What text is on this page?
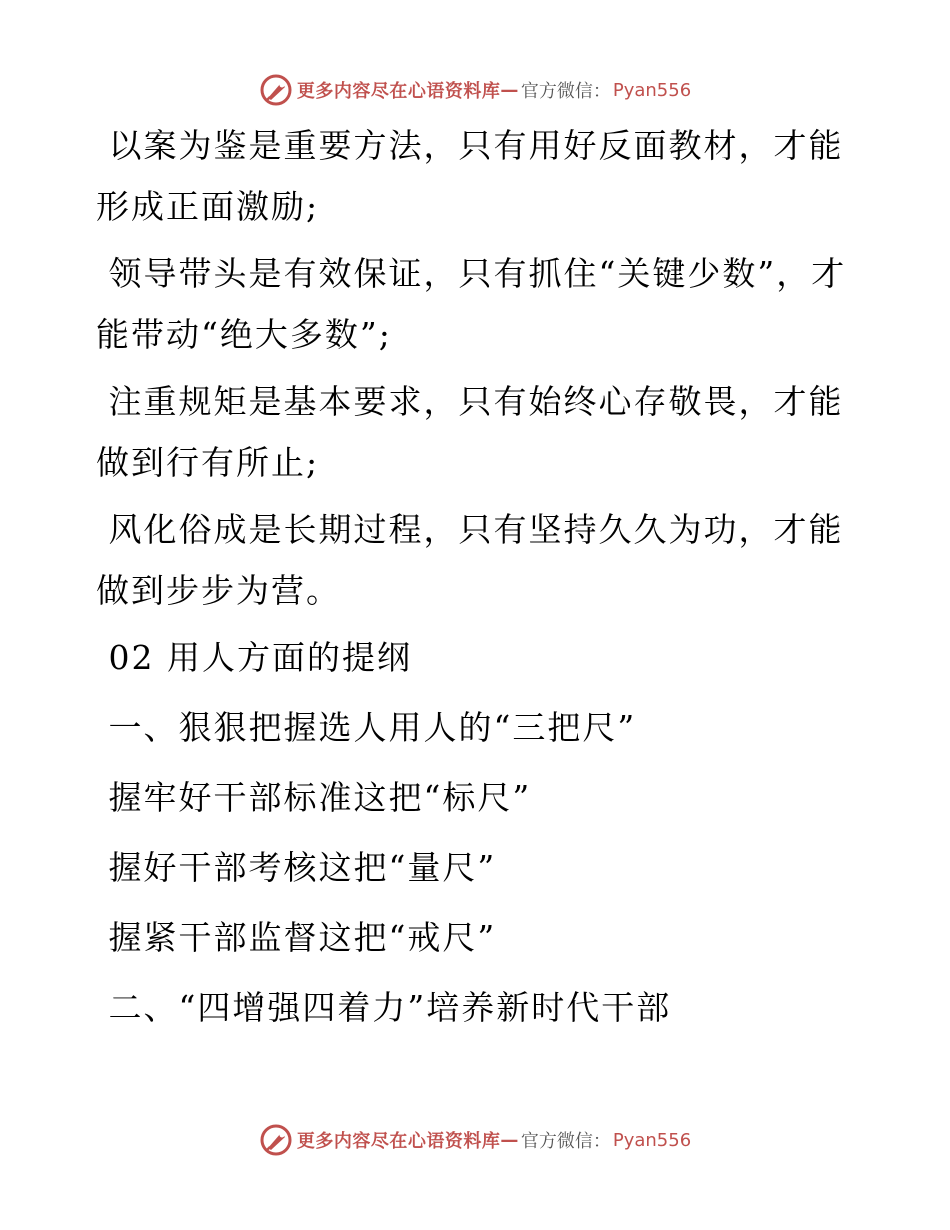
更多内容尽在心语资料库 — 官方微信： Pyan556

以案为鉴是重要方法，只有用好反面教材，才能形成正面激励;

领导带头是有效保证，只有抓住“关键少数”，才能带动“绝大多数”;

注重规矩是基本要求，只有始终心存敬畏，才能做到行有所止;

风化俗成是长期过程，只有坚持久久为功，才能做到步步为营。

02 用人方面的提纲

一、狠狠把握选人用人的“三把尺”

握牢好干部标准这把“标尺”

握好干部考核这把“量尺”

握紧干部监督这把“戒尺”

二、“四增强四着力”培养新时代干部

更多内容尽在心语资料库 — 官方微信： Pyan556
